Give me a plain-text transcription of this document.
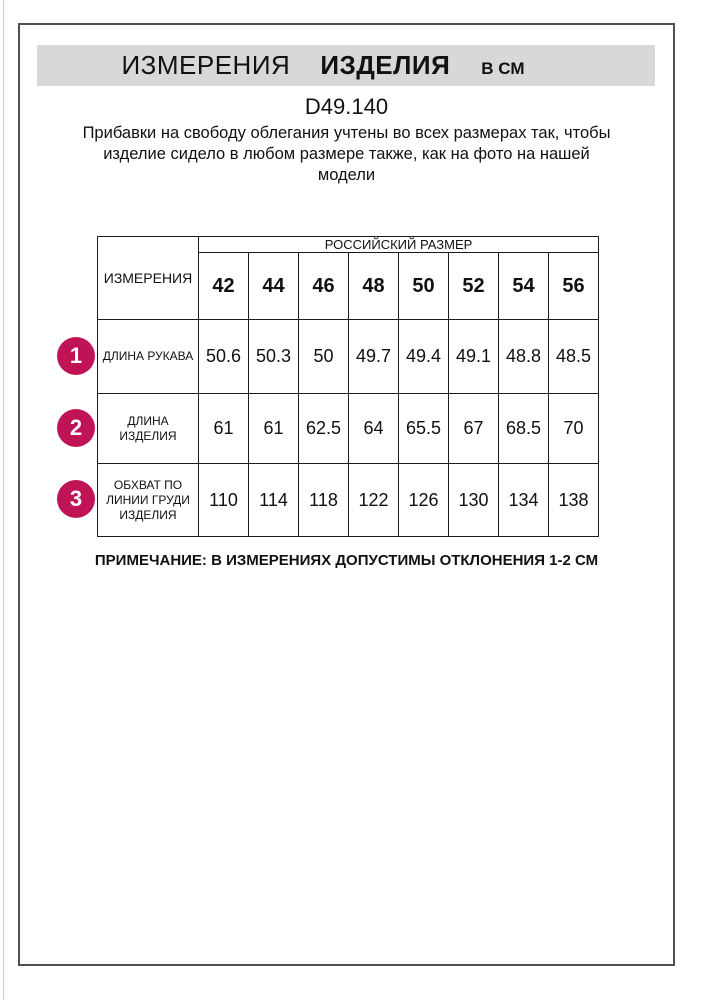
ИЗМЕРЕНИЯ ИЗДЕЛИЯ В СМ
D49.140
Прибавки на свободу облегания учтены во всех размерах так, чтобы
изделие сидело в любом размере также, как на фото на нашей
модели
ИЗМЕРЕНИЯ	РОССИЙСКИЙ РАЗМЕР							
	42	44	46	48	50	52	54	56

ДЛИНА РУКАВА	50.6	50.3	50	49.7	49.4	49.1	48.8	48.5

ДЛИНА
ИЗДЕЛИЯ	61	61	62.5	64	65.5	67	68.5	70

ОБХВАТ ПО
ЛИНИИ ГРУДИ
ИЗДЕЛИЯ	110	114	118	122	126	130	134	138
1
2
3
ПРИМЕЧАНИЕ: В ИЗМЕРЕНИЯХ ДОПУСТИМЫ ОТКЛОНЕНИЯ 1-2 СМ
